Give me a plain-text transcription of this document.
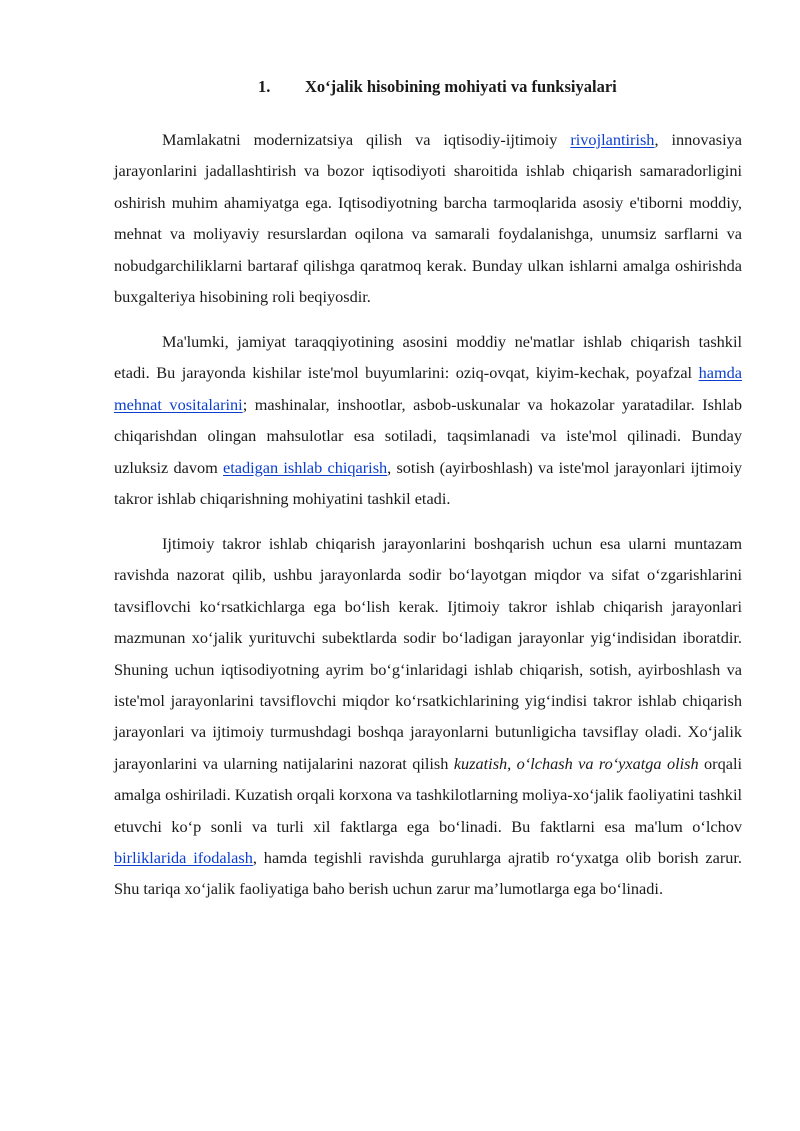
1. Xo‘jalik hisobining mohiyati va funksiyalari

Mamlakatni modernizatsiya qilish va iqtisodiy-ijtimoiy rivojlantirish, innovasiya jarayonlarini jadallashtirish va bozor iqtisodiyoti sharoitida ishlab chiqarish samaradorligini oshirish muhim ahamiyatga ega. Iqtisodiyotning barcha tarmoqlarida asosiy e'tiborni moddiy, mehnat va moliyaviy resurslardan oqilona va samarali foydalanishga, unumsiz sarflarni va nobudgarchiliklarni bartaraf qilishga qaratmoq kerak. Bunday ulkan ishlarni amalga oshirishda buxgalteriya hisobining roli beqiyosdir.

Ma'lumki, jamiyat taraqqiyotining asosini moddiy ne'matlar ishlab chiqarish tashkil etadi. Bu jarayonda kishilar iste'mol buyumlarini: oziq-ovqat, kiyim-kechak, poyafzal hamda mehnat vositalarini; mashinalar, inshootlar, asbob-uskunalar va hokazolar yaratadilar. Ishlab chiqarishdan olingan mahsulotlar esa sotiladi, taqsimlanadi va iste'mol qilinadi. Bunday uzluksiz davom etadigan ishlab chiqarish, sotish (ayirboshlash) va iste'mol jarayonlari ijtimoiy takror ishlab chiqarishning mohiyatini tashkil etadi.

Ijtimoiy takror ishlab chiqarish jarayonlarini boshqarish uchun esa ularni muntazam ravishda nazorat qilib, ushbu jarayonlarda sodir bo‘layotgan miqdor va sifat o‘zgarishlarini tavsiflovchi ko‘rsatkichlarga ega bo‘lish kerak. Ijtimoiy takror ishlab chiqarish jarayonlari mazmunan xo‘jalik yurituvchi subektlarda sodir bo‘ladigan jarayonlar yig‘indisidan iboratdir. Shuning uchun iqtisodiyotning ayrim bo‘g‘inlaridagi ishlab chiqarish, sotish, ayirboshlash va iste'mol jarayonlarini tavsiflovchi miqdor ko‘rsatkichlarining yig‘indisi takror ishlab chiqarish jarayonlari va ijtimoiy turmushdagi boshqa jarayonlarni butunligicha tavsiflay oladi. Xo‘jalik jarayonlarini va ularning natijalarini nazorat qilish kuzatish, o‘lchash va ro‘yxatga olish orqali amalga oshiriladi. Kuzatish orqali korxona va tashkilotlarning moliya-xo‘jalik faoliyatini tashkil etuvchi ko‘p sonli va turli xil faktlarga ega bo‘linadi. Bu faktlarni esa ma'lum o‘lchov birliklarida ifodalash, hamda tegishli ravishda guruhlarga ajratib ro‘yxatga olib borish zarur. Shu tariqa xo‘jalik faoliyatiga baho berish uchun zarur ma’lumotlarga ega bo‘linadi.
